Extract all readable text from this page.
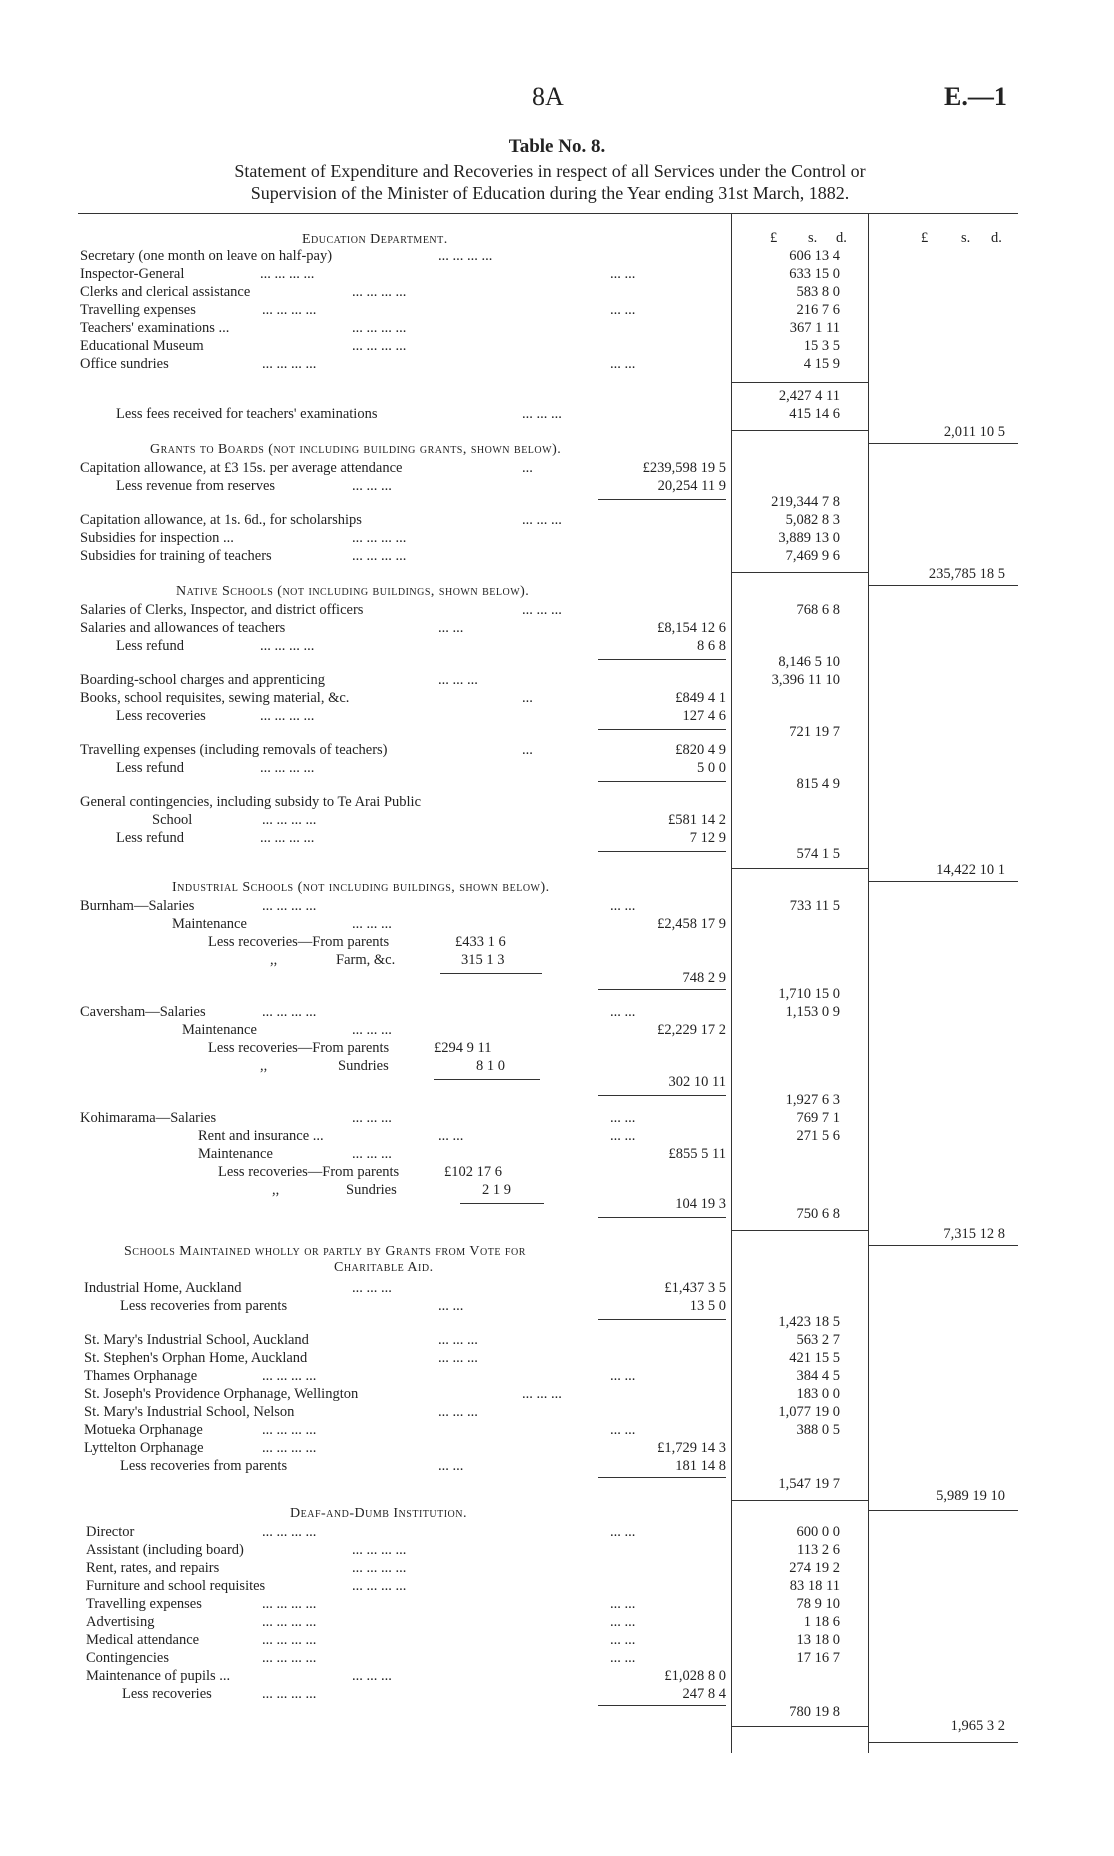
8A	E.—1
Table No. 8.
Statement of Expenditure and Recoveries in respect of all Services under the Control or
Supervision of the Minister of Education during the Year ending 31st March, 1882.
£ s. d.	£ s. d.
Education Department.
Secretary (one month on leave on half-pay)	... ... ... ...	606 13 4
Inspector-General	... ... ... ...	... ...	633 15 0
Clerks and clerical assistance	... ... ... ...	583 8 0
Travelling expenses	... ... ... ...	... ...	216 7 6
Teachers' examinations ...	... ... ... ...	367 1 11
Educational Museum	... ... ... ...	15 3 5
Office sundries	... ... ... ...	... ...	4 15 9
2,427 4 11
Less fees received for teachers' examinations	... ... ...	415 14 6
2,011 10 5
Grants to Boards (not including building grants, shown below).
Capitation allowance, at £3 15s. per average attendance	...	£239,598 19 5
Less revenue from reserves	... ... ...	20,254 11 9
219,344 7 8
Capitation allowance, at 1s. 6d., for scholarships	... ... ...	5,082 8 3
Subsidies for inspection ...	... ... ... ...	3,889 13 0
Subsidies for training of teachers	... ... ... ...	7,469 9 6
235,785 18 5
Native Schools (not including buildings, shown below).
Salaries of Clerks, Inspector, and district officers	... ... ...	768 6 8
Salaries and allowances of teachers	... ...	£8,154 12 6
Less refund	... ... ... ...	8 6 8
8,146 5 10
Boarding-school charges and apprenticing	... ... ...	3,396 11 10
Books, school requisites, sewing material, &c.	...	£849 4 1
Less recoveries	... ... ... ...	127 4 6
721 19 7
Travelling expenses (including removals of teachers)	...	£820 4 9
Less refund	... ... ... ...	5 0 0
815 4 9
General contingencies, including subsidy to Te Arai Public
School	... ... ... ...	£581 14 2
Less refund	... ... ... ...	7 12 9
574 1 5
14,422 10 1
Industrial Schools (not including buildings, shown below).
Burnham—Salaries	... ... ... ...	... ...	733 11 5
Maintenance	... ... ...	£2,458 17 9
Less recoveries—From parents	£433 1 6
,,	Farm, &c.	315 1 3
748 2 9
1,710 15 0
Caversham—Salaries	... ... ... ...	... ...	1,153 0 9
Maintenance	... ... ...	£2,229 17 2
Less recoveries—From parents	£294 9 11
,,	Sundries	8 1 0
302 10 11
1,927 6 3
Kohimarama—Salaries	... ... ...	... ...	769 7 1
Rent and insurance ...	... ...	... ...	271 5 6
Maintenance	... ... ...	£855 5 11
Less recoveries—From parents	£102 17 6
,,	Sundries	2 1 9
104 19 3
750 6 8
7,315 12 8
Schools Maintained wholly or partly by Grants from Vote for
Charitable Aid.
Industrial Home, Auckland	... ... ...	£1,437 3 5
Less recoveries from parents	... ...	13 5 0
1,423 18 5
St. Mary's Industrial School, Auckland	... ... ...	563 2 7
St. Stephen's Orphan Home, Auckland	... ... ...	421 15 5
Thames Orphanage	... ... ... ...	... ...	384 4 5
St. Joseph's Providence Orphanage, Wellington	... ... ...	183 0 0
St. Mary's Industrial School, Nelson	... ... ...	1,077 19 0
Motueka Orphanage	... ... ... ...	... ...	388 0 5
Lyttelton Orphanage	... ... ... ...	£1,729 14 3
Less recoveries from parents	... ...	181 14 8
1,547 19 7
5,989 19 10
Deaf-and-Dumb Institution.
Director	... ... ... ...	... ...	600 0 0
Assistant (including board)	... ... ... ...	113 2 6
Rent, rates, and repairs	... ... ... ...	274 19 2
Furniture and school requisites	... ... ... ...	83 18 11
Travelling expenses	... ... ... ...	... ...	78 9 10
Advertising	... ... ... ...	... ...	1 18 6
Medical attendance	... ... ... ...	... ...	13 18 0
Contingencies	... ... ... ...	... ...	17 16 7
Maintenance of pupils ...	... ... ...	£1,028 8 0
Less recoveries	... ... ... ...	247 8 4
780 19 8
1,965 3 2
